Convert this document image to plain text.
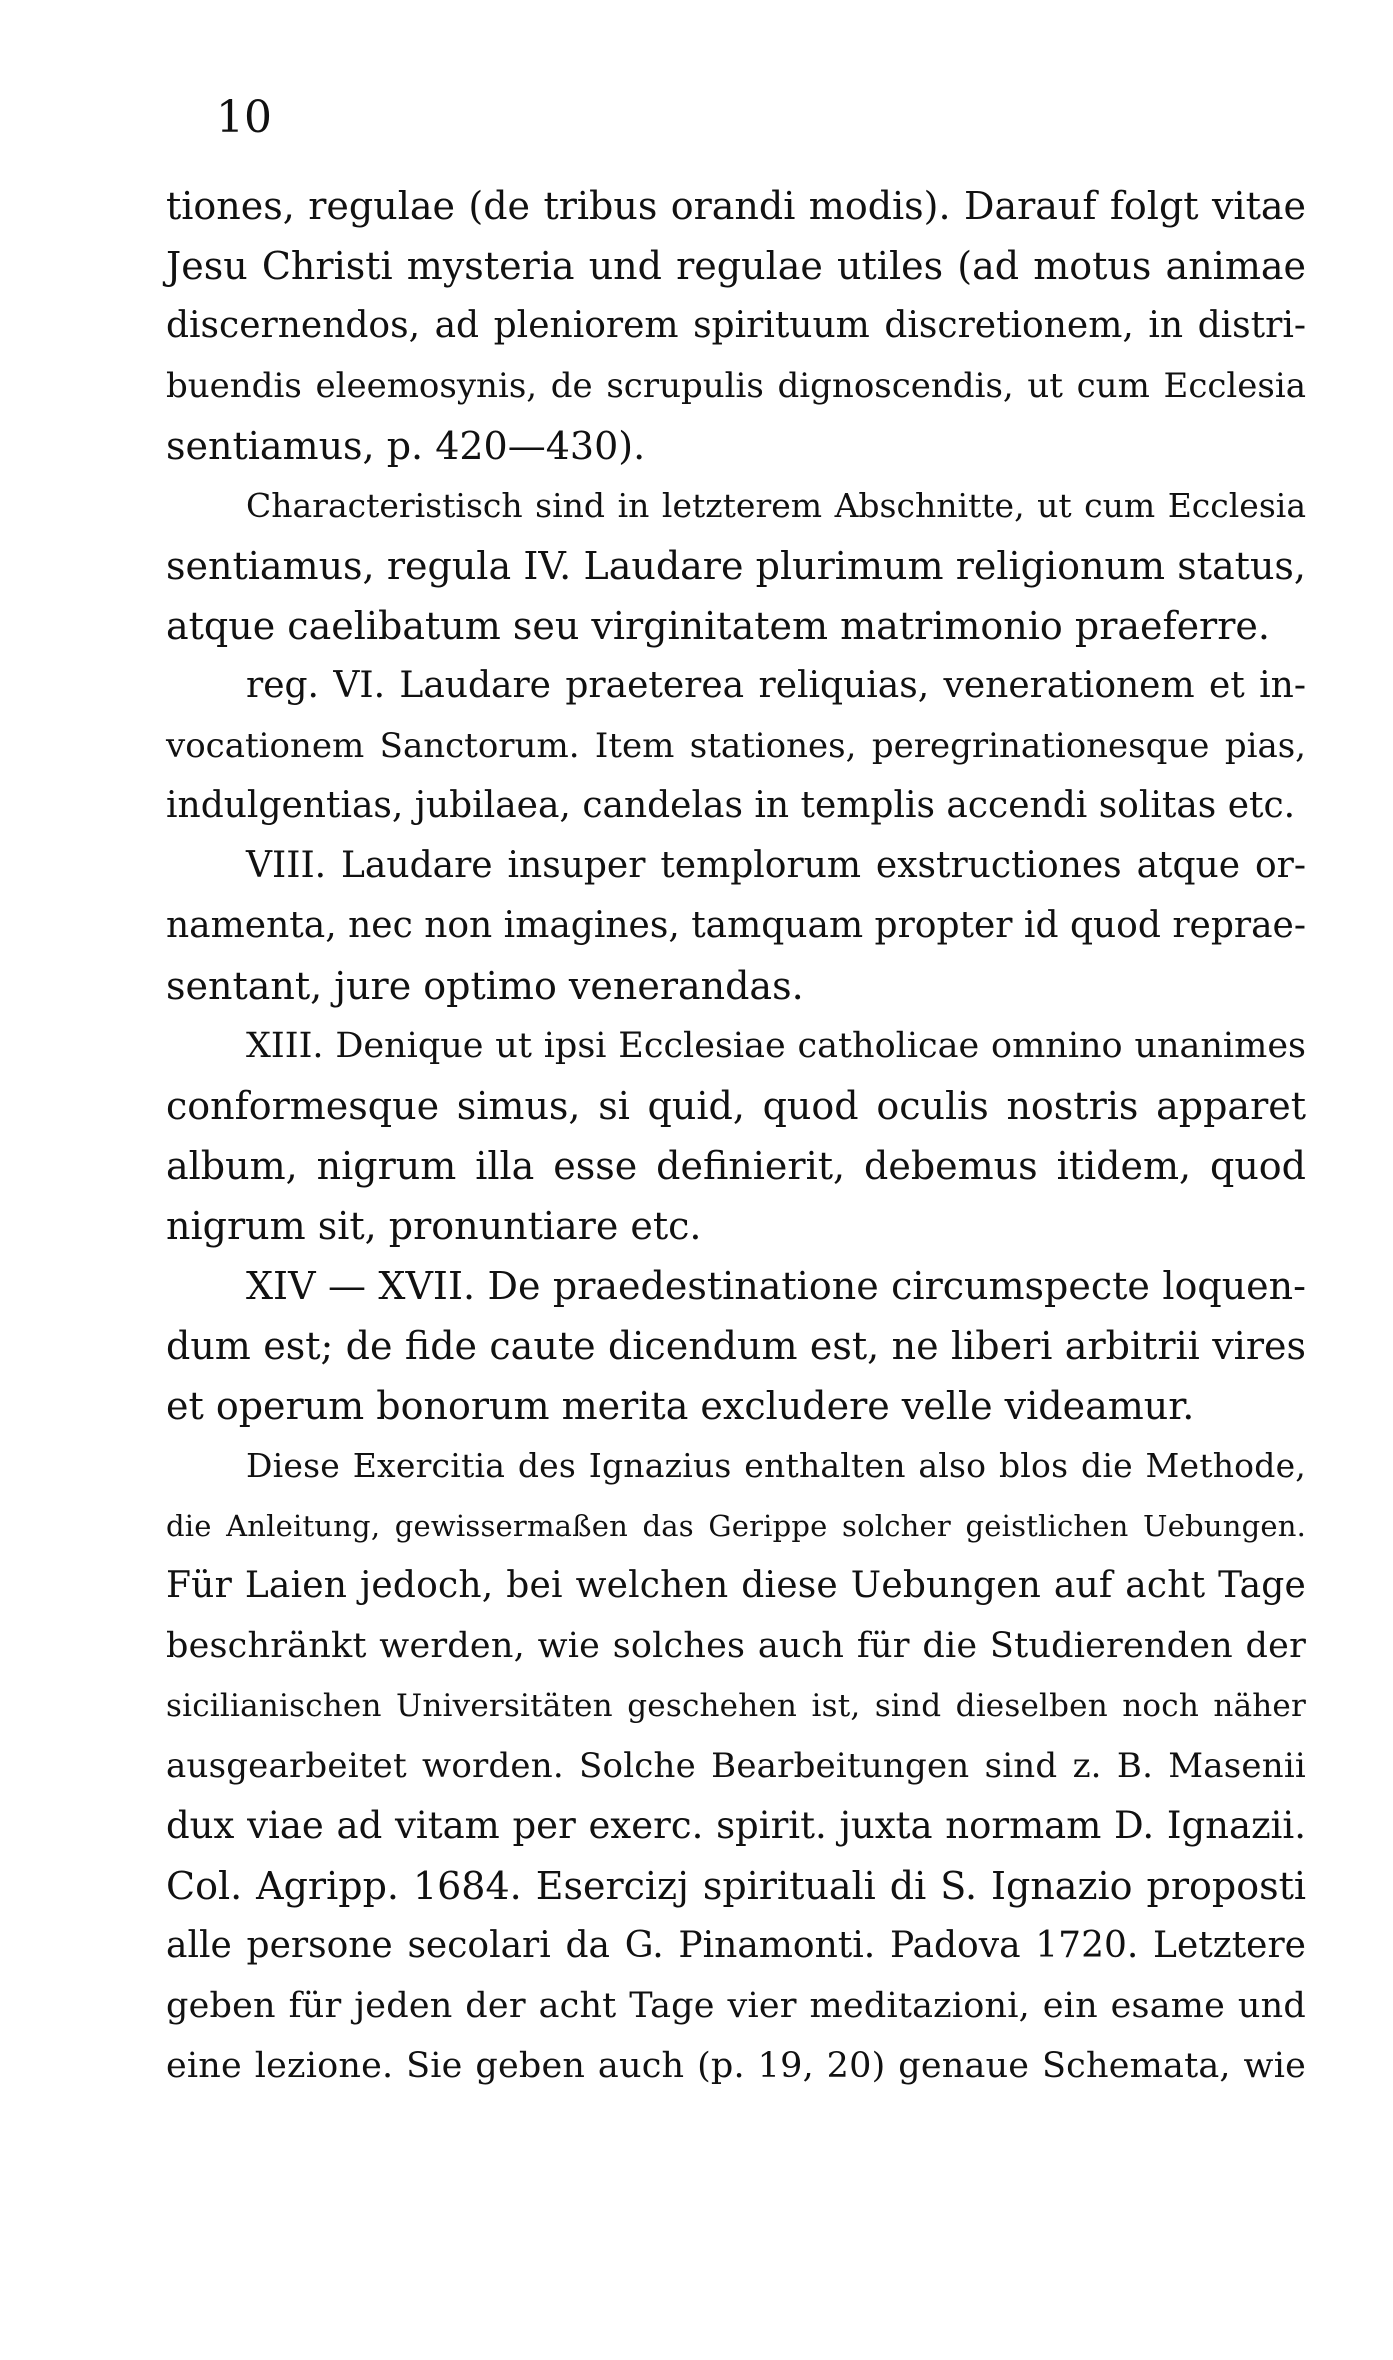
10
tiones, regulae (de tribus orandi modis). Darauf folgt vitae
Jesu Christi mysteria und regulae utiles (ad motus animae
discernendos, ad pleniorem spirituum discretionem, in distri-
buendis eleemosynis, de scrupulis dignoscendis, ut cum Ecclesia
sentiamus, p. 420—430).
Characteristisch sind in letzterem Abschnitte, ut cum Ecclesia
sentiamus, regula IV. Laudare plurimum religionum status,
atque caelibatum seu virginitatem matrimonio praeferre.
reg. VI. Laudare praeterea reliquias, venerationem et in-
vocationem Sanctorum. Item stationes, peregrinationesque pias,
indulgentias, jubilaea, candelas in templis accendi solitas etc.
VIII. Laudare insuper templorum exstructiones atque or-
namenta, nec non imagines, tamquam propter id quod reprae-
sentant, jure optimo venerandas.
XIII. Denique ut ipsi Ecclesiae catholicae omnino unanimes
conformesque simus, si quid, quod oculis nostris apparet
album, nigrum illa esse definierit, debemus itidem, quod
nigrum sit, pronuntiare etc.
XIV — XVII. De praedestinatione circumspecte loquen-
dum est; de fide caute dicendum est, ne liberi arbitrii vires
et operum bonorum merita excludere velle videamur.
Diese Exercitia des Ignazius enthalten also blos die Methode,
die Anleitung, gewissermaßen das Gerippe solcher geistlichen Uebungen.
Für Laien jedoch, bei welchen diese Uebungen auf acht Tage
beschränkt werden, wie solches auch für die Studierenden der
sicilianischen Universitäten geschehen ist, sind dieselben noch näher
ausgearbeitet worden. Solche Bearbeitungen sind z. B. Masenii
dux viae ad vitam per exerc. spirit. juxta normam D. Ignazii.
Col. Agripp. 1684. Esercizj spirituali di S. Ignazio proposti
alle persone secolari da G. Pinamonti. Padova 1720. Letztere
geben für jeden der acht Tage vier meditazioni, ein esame und
eine lezione. Sie geben auch (p. 19, 20) genaue Schemata, wie
